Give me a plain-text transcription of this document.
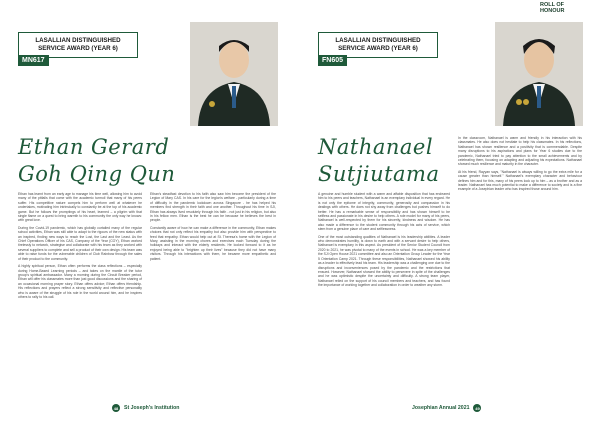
LASALLIAN DISTINGUISHED
SERVICE AWARD (YEAR 6)
MN617
Ethan Gerard
Goh Qing Qun

Ethan has learnt from an early age to manage his time well, allowing him to avoid many of the pitfalls that come with the academic turmoil that many of his peers suffer. His competitive nature compels him to perform well at whatever he undertakes, motivating him intrinsically to constantly be at the top of his academic game. But he follows the promptings of his heart, learned – a pilgrim with that single flame on a quest to bring warmth to his community the only way he knows: with great love.

During the Covid-19 pandemic, which has globally curtailed many of the regular school activities, Ethan was still able to adapt to the rigours of the new status with an inspired, finding new ways to reach the Lost, the Last and the Least. As the Chief Operations Officer of his CAS, Company of the Year (COY), Ethan worked tirelessly to network, strategise and collaborate with his team as they worked with several suppliers to complete and sell a product of their own design. His team was able to raise funds for the vulnerable children of Club Rainbow through the sales of their product to the community.

A highly spiritual person, Ethan often performs the class reflections – especially during Home-Based Learning periods – and takes on the mantle of the tutor group's spiritual ambassador. Many a morning during the Circuit Breaker period, Ethan will offer his classmates more than just good discussions and the sharing of an occasional morning prayer story. Ethan offers advice; Ethan offers friendship. His reflections and prayers reflect a strong sensitivity and reflective personality who is aware of the struggle of his role in the world around him, and he inspires others to rally to his call.

Ethan's steadfast devotion to his faith also saw him become the president of the Legion of Mary CAS. In his care for the legion's welfare - particularly during a time of difficulty in the pandemic lockdown across Singapore - he has helped his members find strength in their faith and one another. Throughout his time in SJI, Ethan has always lived resolutely through his faith - not just in his religion, but also in his fellow men. Ethan is the best he can be because he believes the best in people.

Constantly aware of how he can make a difference in the community, Ethan makes choices that not only reflect his empathy but also provide him with perspective to feed that empathy. Ethan would help out at St. Theresa's home with the Legion of Mary, assisting in the morning chores and exercises each Tuesday during the holidays and interact with the elderly residents. He looked forward to it as he enjoyed being able to "brighten up their lives" because they did not have many visitors. Through his interactions with them, he became more empathetic and patient.

48	St Joseph's Institution
LASALLIAN DISTINGUISHED
SERVICE AWARD (YEAR 6)
FN605
Nathanael
Sutjiutama

A genuine and humble student with a warm and affable disposition that has endeared him to his peers and teachers, Nathanael is an exemplary individual in every regard. He is not only the epitome of integrity, community, generosity and compassion in his dealings with others. He does not shy away from challenges but pushes himself to do better. He has a remarkable sense of responsibility and has shown himself to be selfless and passionate in his desire to help others. A role model for many of his peers, Nathanael is well-respected by them for his sincerity, kindness and wisdom. He has also made a difference to the student community through his acts of service, which stem from a genuine place of care and selflessness.

One of the most outstanding qualities of Nathanael is his leadership abilities. A leader who demonstrates humility, is down to earth and with a servant desire to help others, Nathanael is exemplary in this aspect. As president of the Senior Student Council from 2020 to 2021, he was pivotal to many of the events in school. He was a key member of the SJI Open House 2021 committee and also an Orientation Group Leader for the Year 5 Orientation Camp 2021. Through these responsibilities, Nathanael showed his ability as a leader to effectively lead his team. His leadership was a challenging one due to the disruptions and inconveniences posed by the pandemic and the restrictions that ensued. However, Nathanael showed the ability to persevere in spite of the challenges and he was optimistic despite the uncertainty and difficulty. A strong team player, Nathanael relied on the support of his council members and teachers, and has found the importance of working together and collaboration in order to weather any storm.

In the classroom, Nathanael is warm and friendly in his interaction with his classmates. He also does not hesitate to help his classmates. In his reflections, Nathanael has shown resilience and a positivity that is commendable. Despite many disruptions to his aspirations and plans for Year 6 studies due to the pandemic, Nathanael tried to pay attention to the small achievements and by celebrating them, focusing on adapting and adjusting his expectations. Nathanael showed much resilience and maturity in the character.

At his friend, Rayyan says, "Nathanael is always willing to go the extra mile for a cause greater than himself." Nathanael's exemplary character and behaviour defines him and for this, many of his peers look up to him – as a brother and as a leader. Nathanael has much potential to make a difference to society and is a fine example of a Josephian leader who has inspired those around him.

Josephian Annual 2021	49
ROLL OF
HONOUR
